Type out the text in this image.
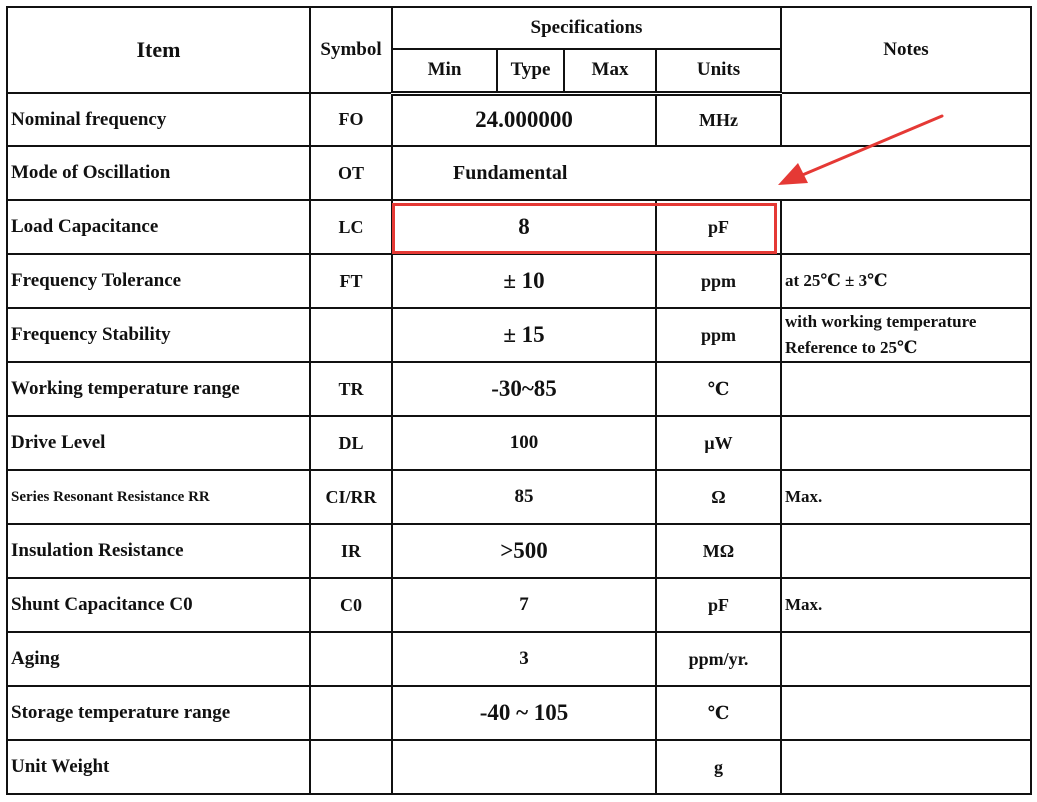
Item	Symbol	Specifications				Notes
		Min	Type	Max	Units	
Nominal frequency	FO	24.000000			MHz	
Mode of Oscillation	OT	Fundamental				
Load Capacitance	LC	8			pF	
Frequency Tolerance	FT	± 10			ppm	at 25℃ ± 3℃
Frequency Stability		± 15			ppm	with working temperature
Reference to 25℃

Working temperature range	TR	-30~85			℃	
Drive Level	DL	100			μW	
Series Resonant Resistance RR	CI/RR	85			Ω	Max.
Insulation Resistance	IR	>500			MΩ	
Shunt Capacitance C0	C0	7			pF	Max.
Aging		3			ppm/yr.	
Storage temperature range		-40 ~ 105			℃	
Unit Weight					g	
